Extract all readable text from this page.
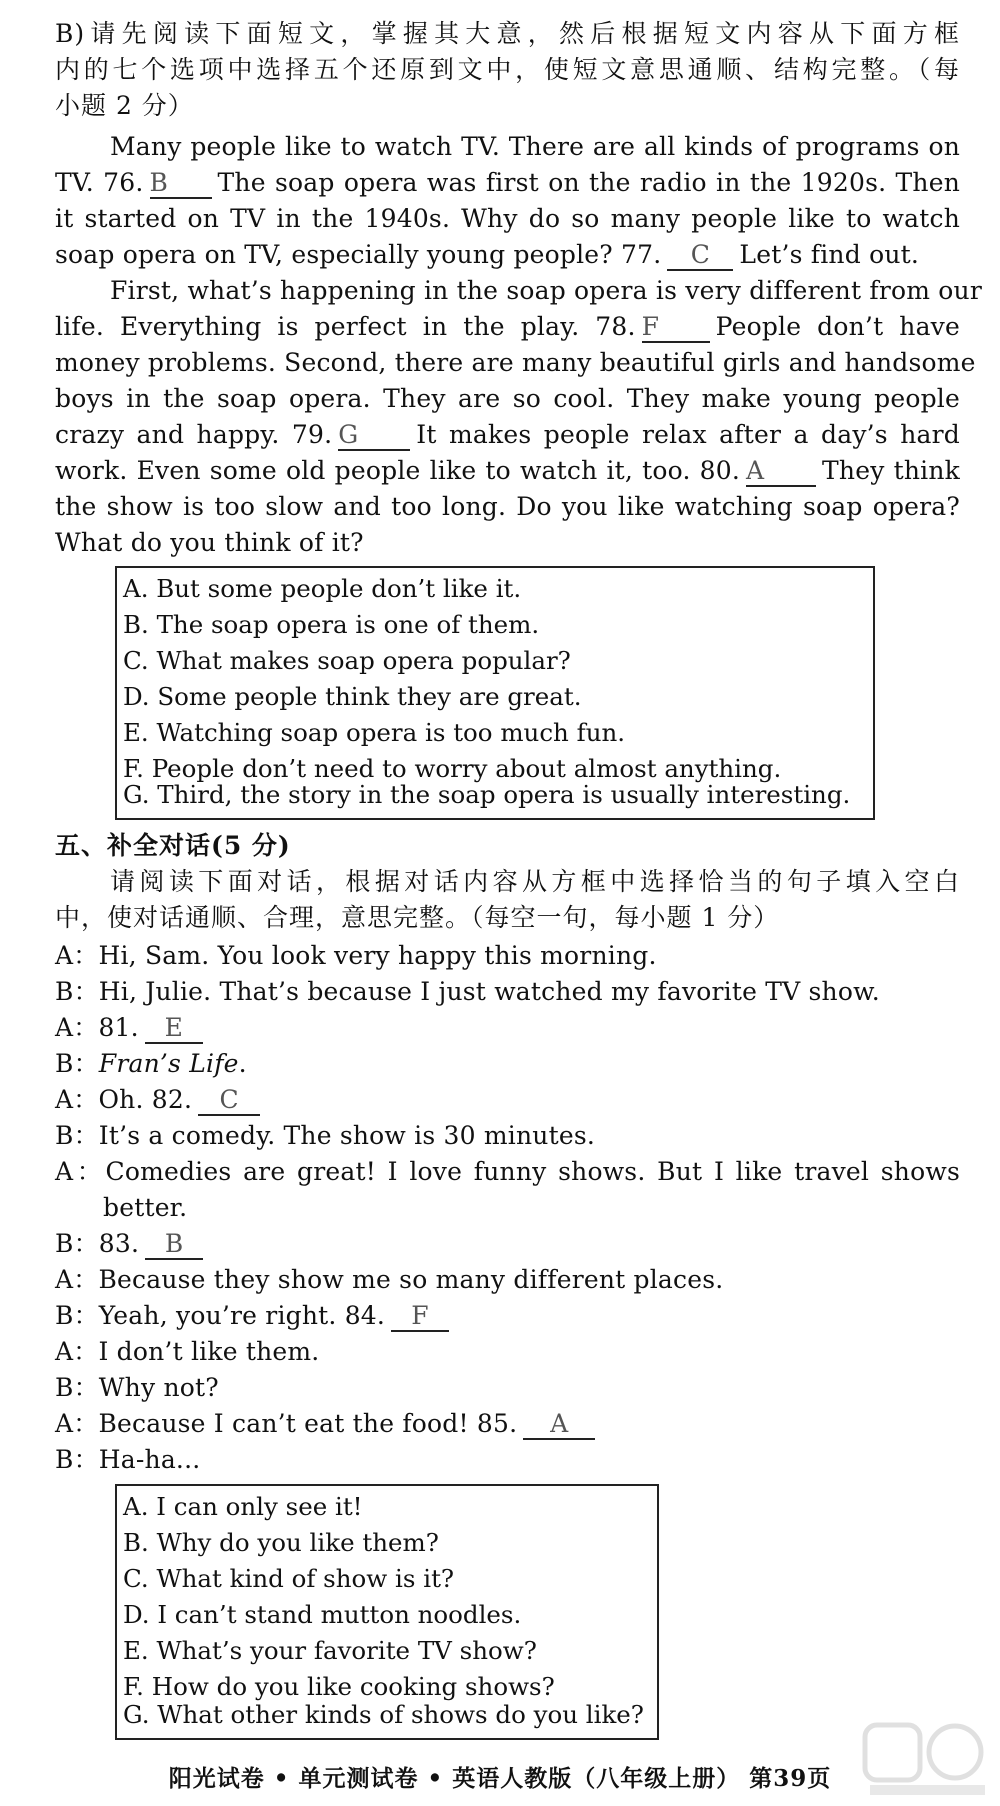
B)请先阅读下面短文，掌握其大意，然后根据短文内容从下面方框
内的七个选项中选择五个还原到文中，使短文意思通顺、结构完整。（每
小题 2 分）
Many people like to watch TV. There are all kinds of programs on
TV. 76. B The soap opera was first on the radio in the 1920s. Then
it started on TV in the 1940s. Why do so many people like to watch
soap opera on TV, especially young people? 77. C Let’s find out.
First, what’s happening in the soap opera is very different from our
life. Everything is perfect in the play. 78. F People don’t have
money problems. Second, there are many beautiful girls and handsome
boys in the soap opera. They are so cool. They make young people
crazy and happy. 79. G It makes people relax after a day’s hard
work. Even some old people like to watch it, too. 80. A They think
the show is too slow and too long. Do you like watching soap opera?
What do you think of it?
A. But some people don’t like it.
B. The soap opera is one of them.
C. What makes soap opera popular?
D. Some people think they are great.
E. Watching soap opera is too much fun.
F. People don’t need to worry about almost anything.
G. Third, the story in the soap opera is usually interesting.
五、补全对话(5 分)
请阅读下面对话，根据对话内容从方框中选择恰当的句子填入空白
中，使对话通顺、合理，意思完整。（每空一句，每小题 1 分）
A：Hi, Sam. You look very happy this morning.
B：Hi, Julie. That’s because I just watched my favorite TV show.
A：81. E
B：Fran’s Life.
A：Oh. 82. C
B：It’s a comedy. The show is 30 minutes.
A：Comedies are great! I love funny shows. But I like travel shows
better.
B：83. B
A：Because they show me so many different places.
B：Yeah, you’re right. 84. F
A：I don’t like them.
B：Why not?
A：Because I can’t eat the food! 85. A
B：Ha-ha...
A. I can only see it!
B. Why do you like them?
C. What kind of show is it?
D. I can’t stand mutton noodles.
E. What’s your favorite TV show?
F. How do you like cooking shows?
G. What other kinds of shows do you like?
阳光试卷 • 单元测试卷 • 英语人教版（八年级上册） 第39页
